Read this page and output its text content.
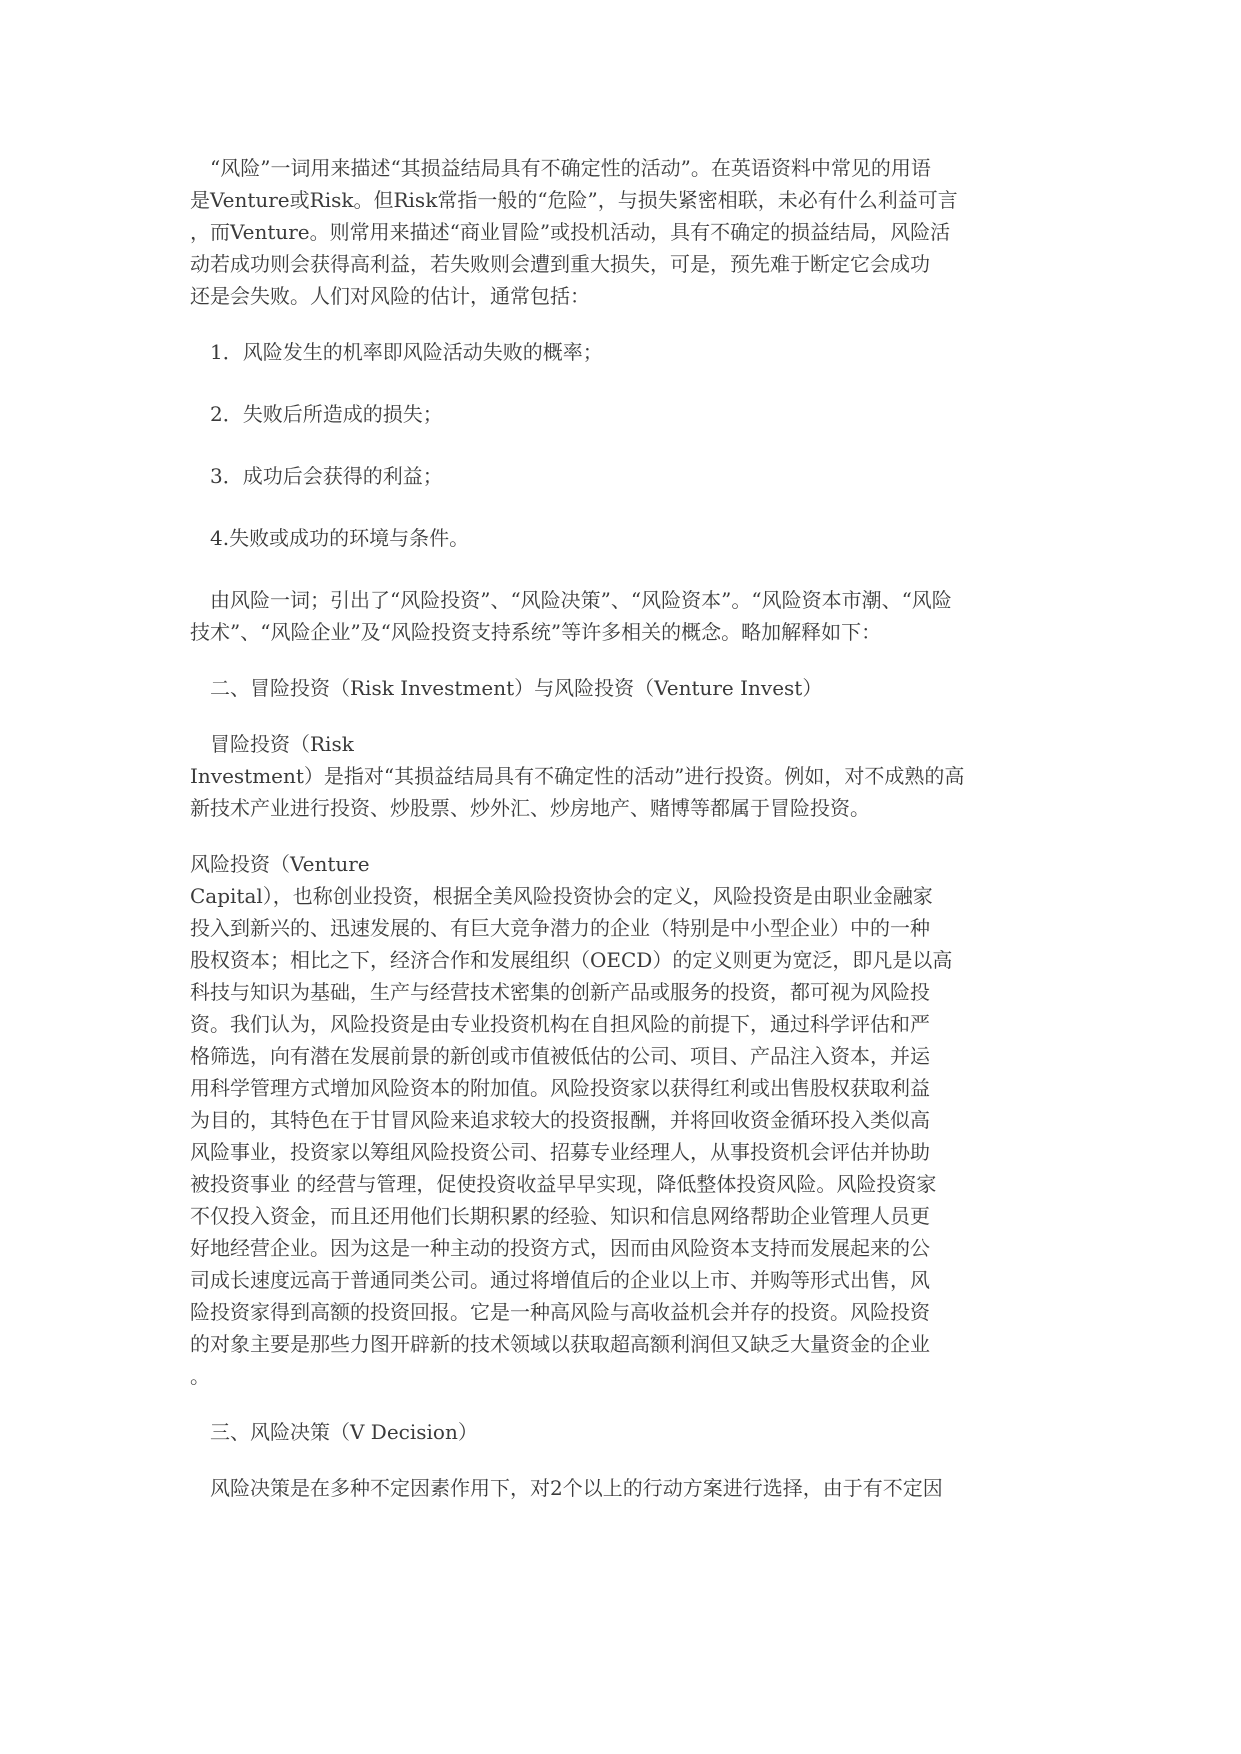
“风险”一词用来描述“其损益结局具有不确定性的活动”。在英语资料中常见的用语
是Venture或Risk。但Risk常指一般的“危险”，与损失紧密相联，未必有什么利益可言
，而Venture。则常用来描述“商业冒险”或投机活动，具有不确定的损益结局，风险活
动若成功则会获得高利益，若失败则会遭到重大损失，可是，预先难于断定它会成功
还是会失败。人们对风险的估计，通常包括：

1．风险发生的机率即风险活动失败的概率；
2．失败后所造成的损失；
3．成功后会获得的利益；
4.失败或成功的环境与条件。

由风险一词；引出了“风险投资”、“风险决策”、“风险资本”。“风险资本市潮、“风险
技术”、“风险企业”及“风险投资支持系统”等许多相关的概念。略加解释如下：

二、冒险投资（Risk Investment）与风险投资（Venture Invest）

冒险投资（Risk
Investment）是指对“其损益结局具有不确定性的活动”进行投资。例如，对不成熟的高
新技术产业进行投资、炒股票、炒外汇、炒房地产、赌博等都属于冒险投资。

风险投资（Venture
Capital），也称创业投资，根据全美风险投资协会的定义，风险投资是由职业金融家
投入到新兴的、迅速发展的、有巨大竞争潜力的企业（特别是中小型企业）中的一种
股权资本；相比之下，经济合作和发展组织（OECD）的定义则更为宽泛，即凡是以高
科技与知识为基础，生产与经营技术密集的创新产品或服务的投资，都可视为风险投
资。我们认为，风险投资是由专业投资机构在自担风险的前提下，通过科学评估和严
格筛选，向有潜在发展前景的新创或市值被低估的公司、项目、产品注入资本，并运
用科学管理方式增加风险资本的附加值。风险投资家以获得红利或出售股权获取利益
为目的，其特色在于甘冒风险来追求较大的投资报酬，并将回收资金循环投入类似高
风险事业，投资家以筹组风险投资公司、招募专业经理人，从事投资机会评估并协助
被投资事业 的经营与管理，促使投资收益早早实现，降低整体投资风险。风险投资家
不仅投入资金，而且还用他们长期积累的经验、知识和信息网络帮助企业管理人员更
好地经营企业。因为这是一种主动的投资方式，因而由风险资本支持而发展起来的公
司成长速度远高于普通同类公司。通过将增值后的企业以上市、并购等形式出售，风
险投资家得到高额的投资回报。它是一种高风险与高收益机会并存的投资。风险投资
的对象主要是那些力图开辟新的技术领域以获取超高额利润但又缺乏大量资金的企业
。

三、风险决策（V Decision）

风险决策是在多种不定因素作用下，对2个以上的行动方案进行选择，由于有不定因
